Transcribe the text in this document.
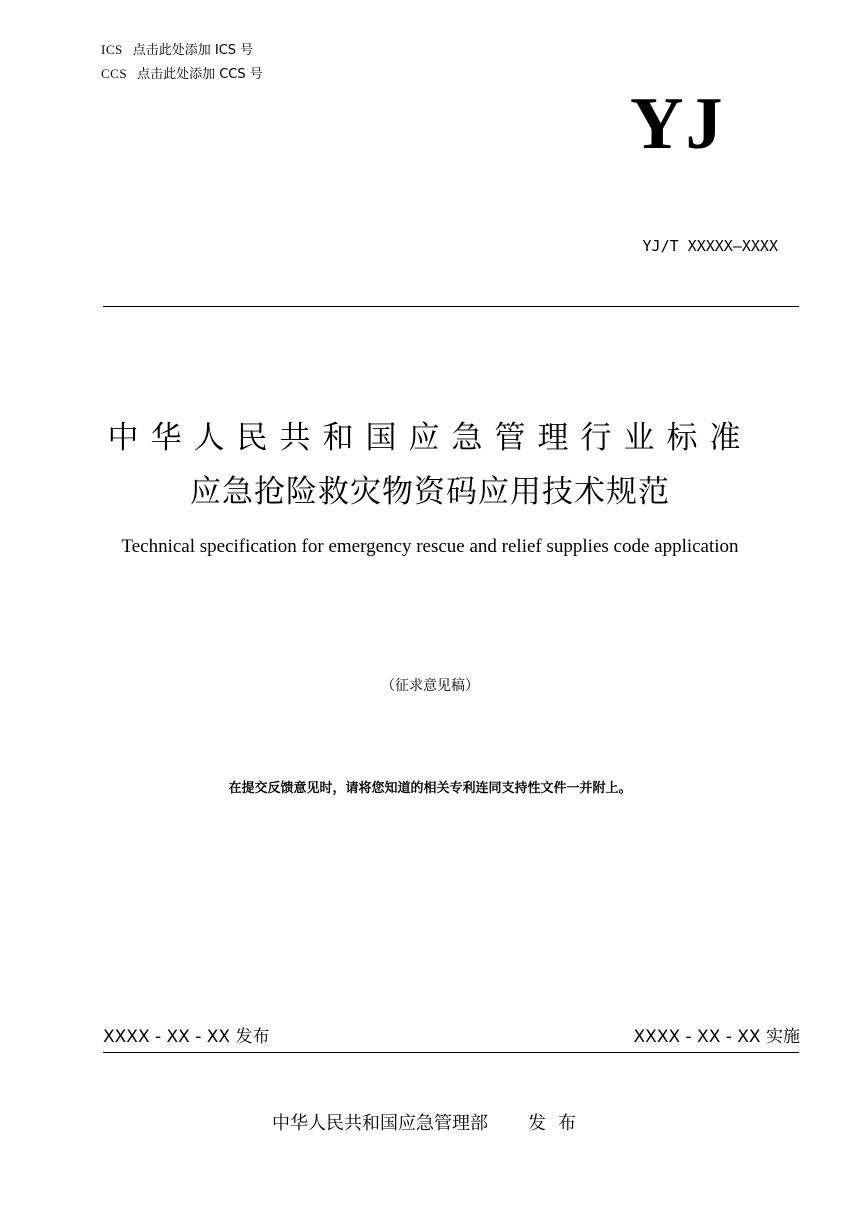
ICS 点击此处添加 ICS 号
CCS 点击此处添加 CCS 号
YJ
YJ/T XXXXX—XXXX
中华人民共和国应急管理行业标准
应急抢险救灾物资码应用技术规范
Technical specification for emergency rescue and relief supplies code application
（征求意见稿）
在提交反馈意见时，请将您知道的相关专利连同支持性文件一并附上。
XXXX - XX - XX 发布	XXXX - XX - XX 实施
中华人民共和国应急管理部 发布
